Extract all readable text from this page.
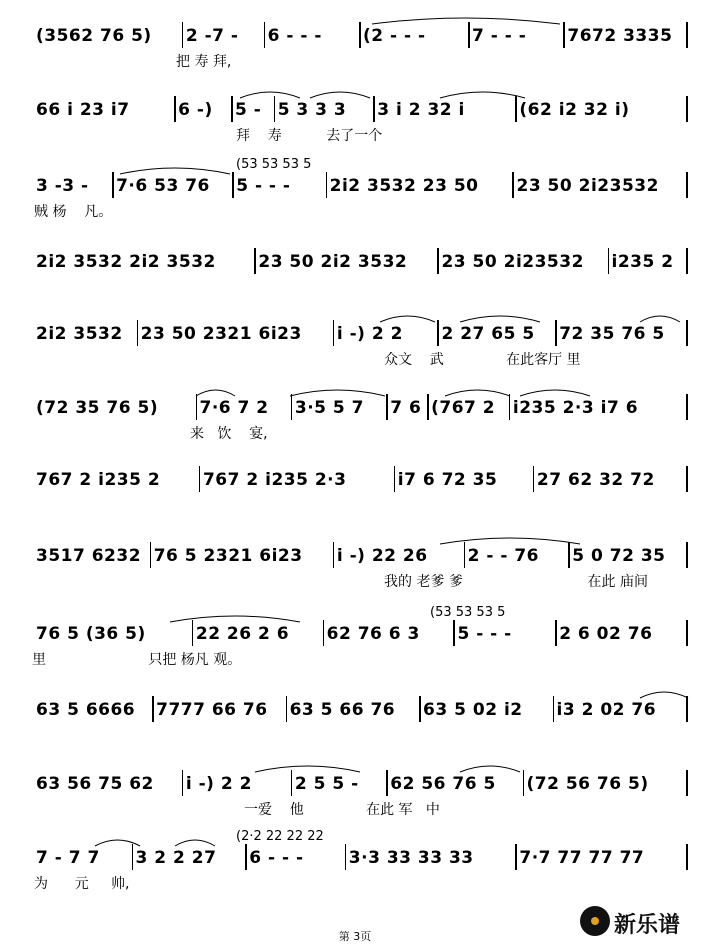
(3562 76 5)	2 -7 -	6 - - -	(2 - - -	7 - - -	7672 3335
66 i 23 i7	6 -)	5 - 5 3 3 3	3 i 2 32 i	(62 i2 32 i)
3 -3 -	7·6 53 76	5 - - -	2i2 3532 23 50	23 50 2i23532
2i2 3532 2i2 3532	23 50 2i2 3532	23 50 2i23532	i235 2
2i2 3532	23 50 2321 6i23	i -) 2 2	2 27 65 5	72 35 76 5
(72 35 76 5)	7·6 7 2	3·5 5 7	7 6 (767 2	i235 2·3 i7 6
767 2 i235 2	767 2 i235 2·3	i7 6 72 35	27 62 32 72
3517 6232 76 5 2321 6i23	i -) 22 26	2 - - 76	5 0 72 35
76 5 (36 5)	22 26 2 6	62 76 6 3	5 - - -	2 6 02 76
63 5 6666	7777 66 76	63 5 66 76	63 5 02 i2	i3 2 02 76
63 56 75 62	i -) 2 2	2 5 5 -	62 56 76 5	(72 56 76 5)
7 - 7 7	3 2 2 27	6 - - -	3·3 33 33 33	7·7 77 77 77
把 寿 拜,
拜    寿          去了一个
贼 杨    凡。
众文    武              在此客厅 里
来   饮    宴,
我的 老爹 爹                            在此 庙间
里                       只把 杨凡 观。
一爱    他              在此 军   中
为      元     帅,
(53 53 53 5
(53 53 53 5
(2·2 22 22 22
第 3页	新乐谱
